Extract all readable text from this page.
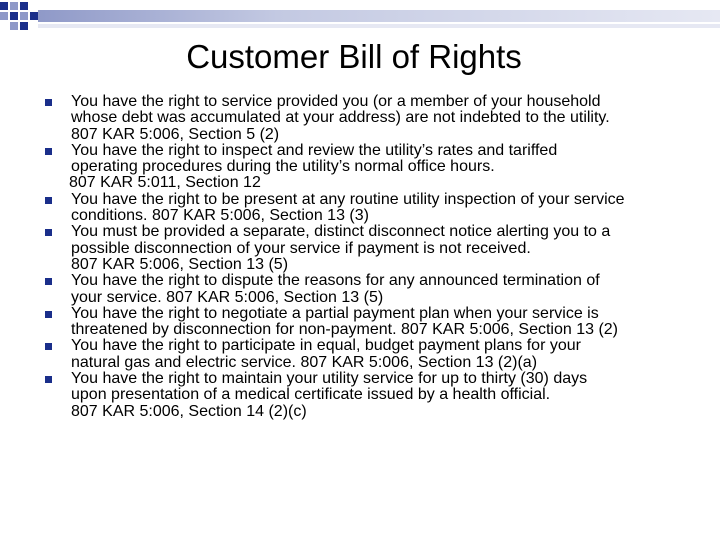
Customer Bill of Rights
You have the right to service provided you (or a member of your household
whose debt was accumulated at your address) are not indebted to the utility.
807 KAR 5:006, Section 5 (2)
You have the right to inspect and review the utility’s rates and tariffed
operating procedures during the utility’s normal office hours.
807 KAR 5:011, Section 12
You have the right to be present at any routine utility inspection of your service
conditions. 807 KAR 5:006, Section 13 (3)
You must be provided a separate, distinct disconnect notice alerting you to a
possible disconnection of your service if payment is not received.
807 KAR 5:006, Section 13 (5)
You have the right to dispute the reasons for any announced termination of
your service. 807 KAR 5:006, Section 13 (5)
You have the right to negotiate a partial payment plan when your service is
threatened by disconnection for non-payment. 807 KAR 5:006, Section 13 (2)
You have the right to participate in equal, budget payment plans for your
natural gas and electric service. 807 KAR 5:006, Section 13 (2)(a)
You have the right to maintain your utility service for up to thirty (30) days
upon presentation of a medical certificate issued by a health official.
807 KAR 5:006, Section 14 (2)(c)
